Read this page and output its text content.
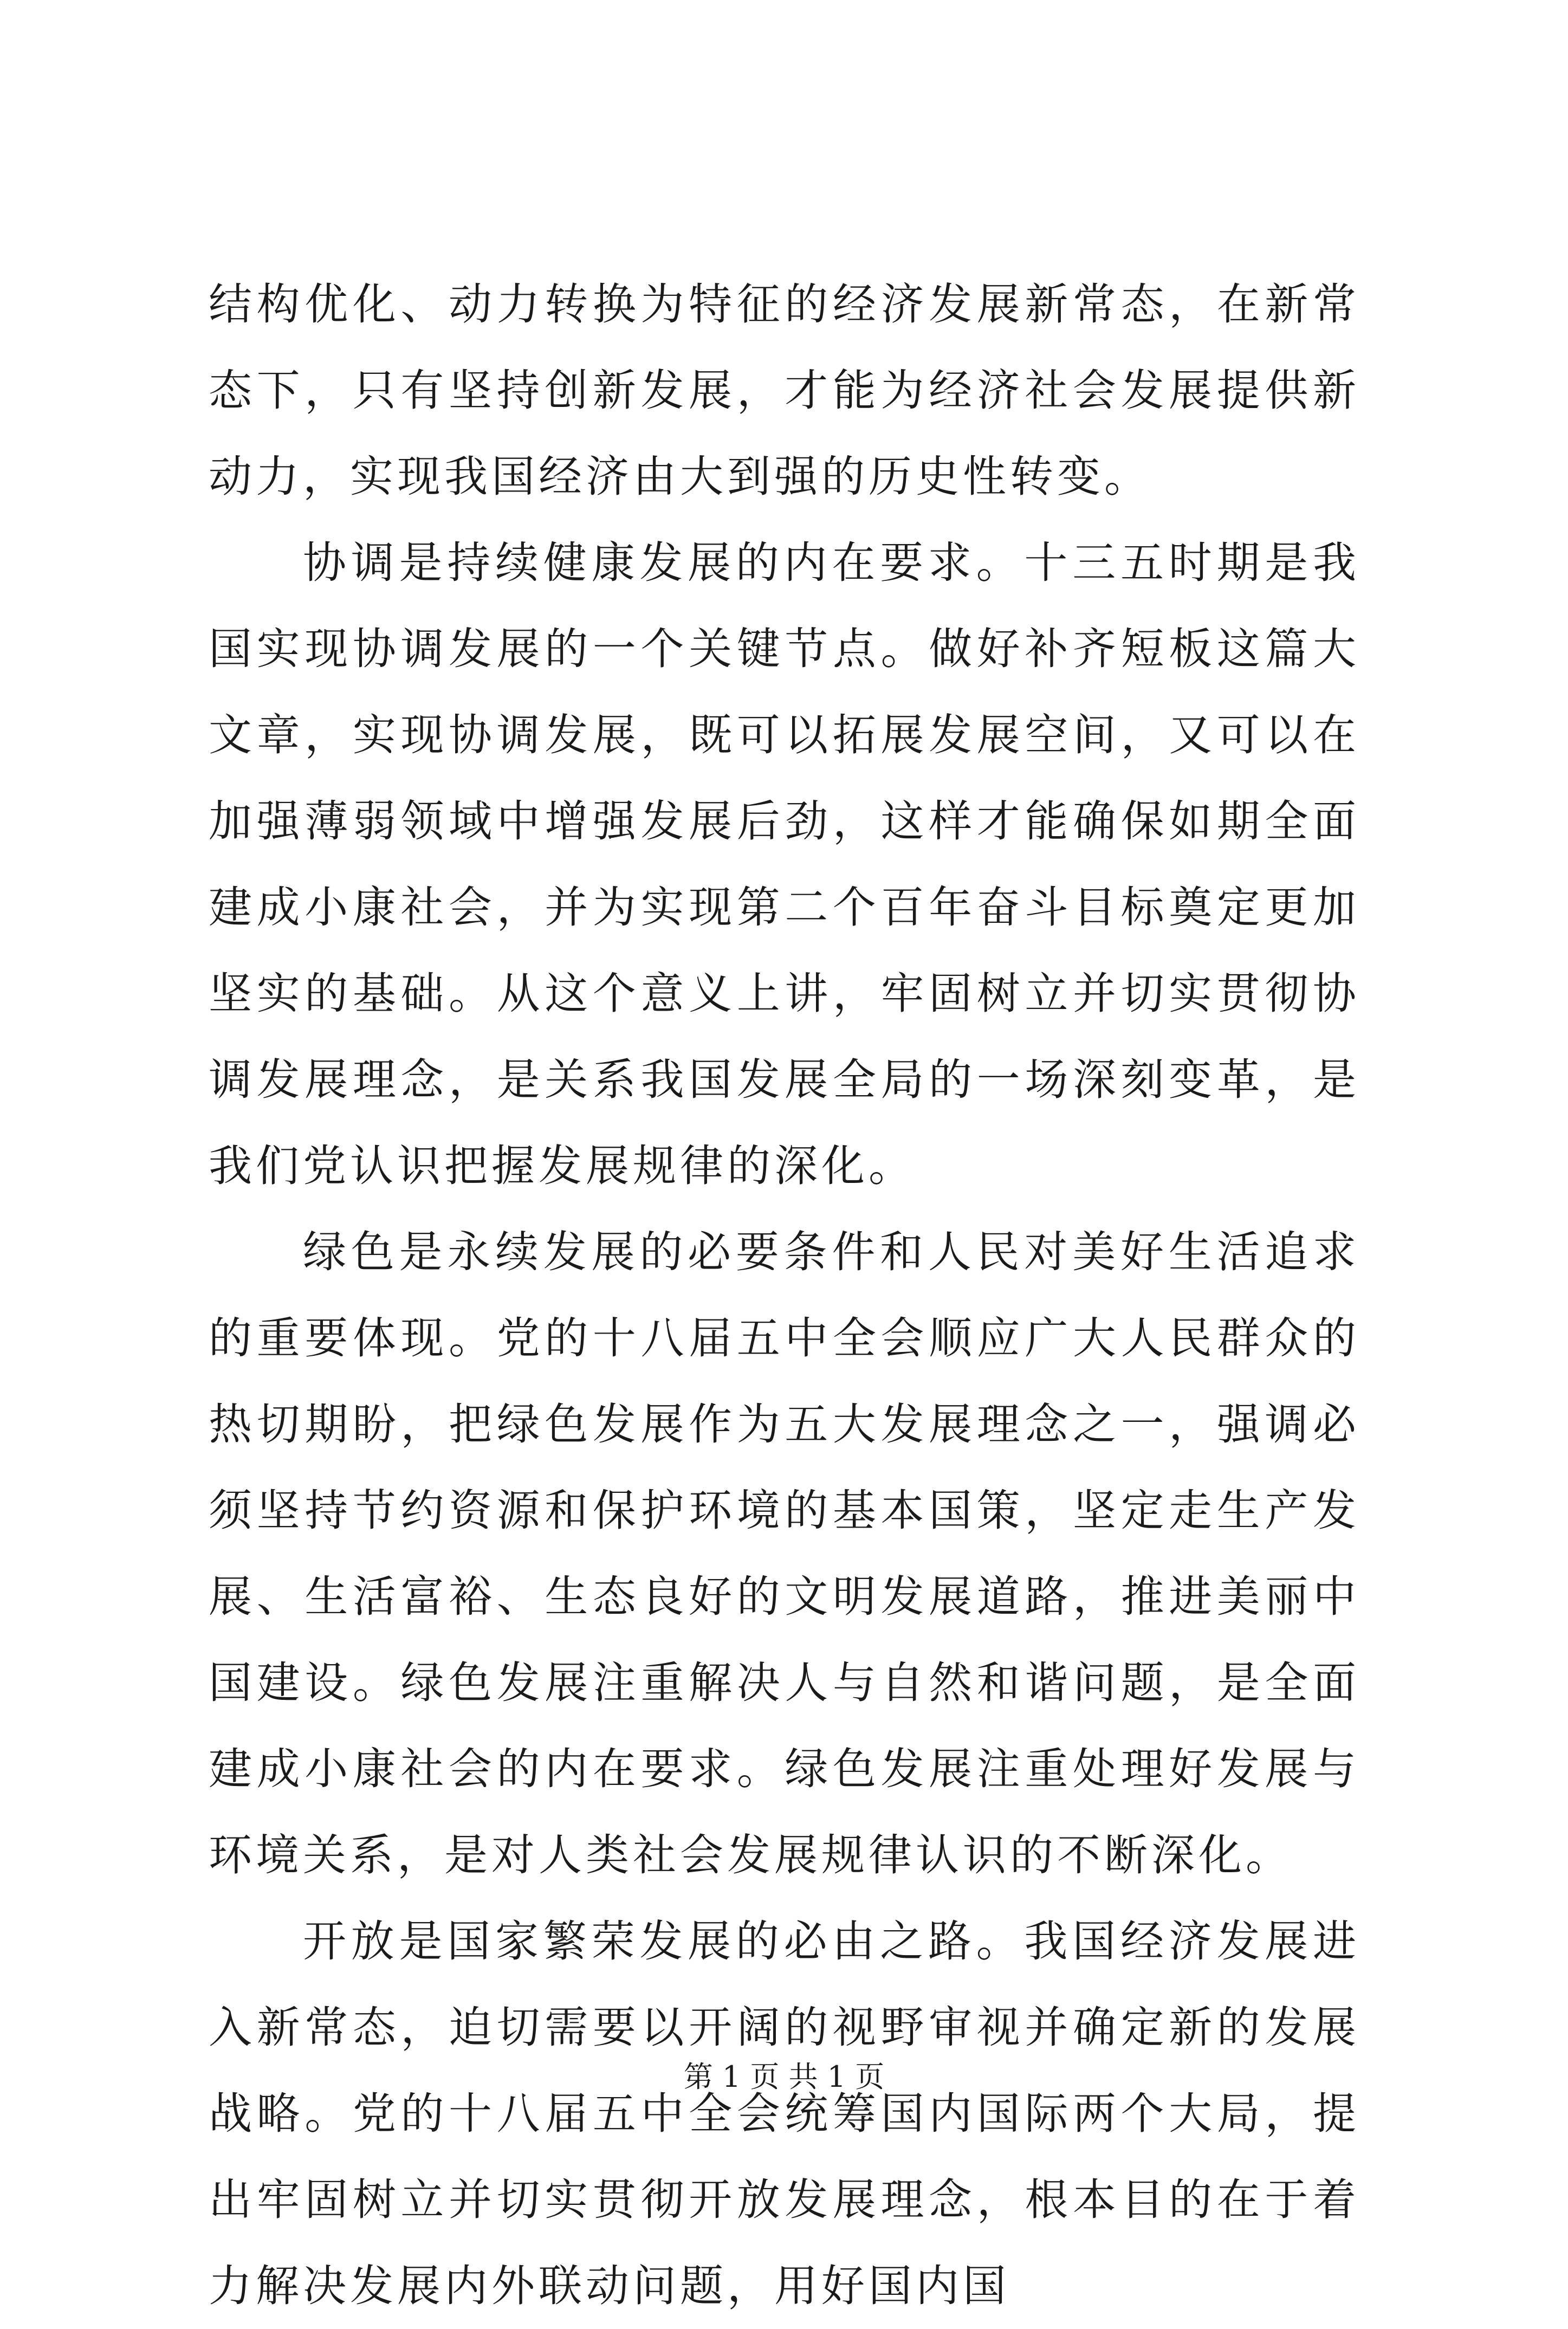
结构优化、动力转换为特征的经济发展新常态，在新常态下，只有坚持创新发展，才能为经济社会发展提供新动力，实现我国经济由大到强的历史性转变。

协调是持续健康发展的内在要求。十三五时期是我国实现协调发展的一个关键节点。做好补齐短板这篇大文章，实现协调发展，既可以拓展发展空间，又可以在加强薄弱领域中增强发展后劲，这样才能确保如期全面建成小康社会，并为实现第二个百年奋斗目标奠定更加坚实的基础。从这个意义上讲，牢固树立并切实贯彻协调发展理念，是关系我国发展全局的一场深刻变革，是我们党认识把握发展规律的深化。

绿色是永续发展的必要条件和人民对美好生活追求的重要体现。党的十八届五中全会顺应广大人民群众的热切期盼，把绿色发展作为五大发展理念之一，强调必须坚持节约资源和保护环境的基本国策，坚定走生产发展、生活富裕、生态良好的文明发展道路，推进美丽中国建设。绿色发展注重解决人与自然和谐问题，是全面建成小康社会的内在要求。绿色发展注重处理好发展与环境关系，是对人类社会发展规律认识的不断深化。

开放是国家繁荣发展的必由之路。我国经济发展进入新常态，迫切需要以开阔的视野审视并确定新的发展战略。党的十八届五中全会统筹国内国际两个大局，提出牢固树立并切实贯彻开放发展理念，根本目的在于着力解决发展内外联动问题，用好国内国

第 1 页 共 1 页
